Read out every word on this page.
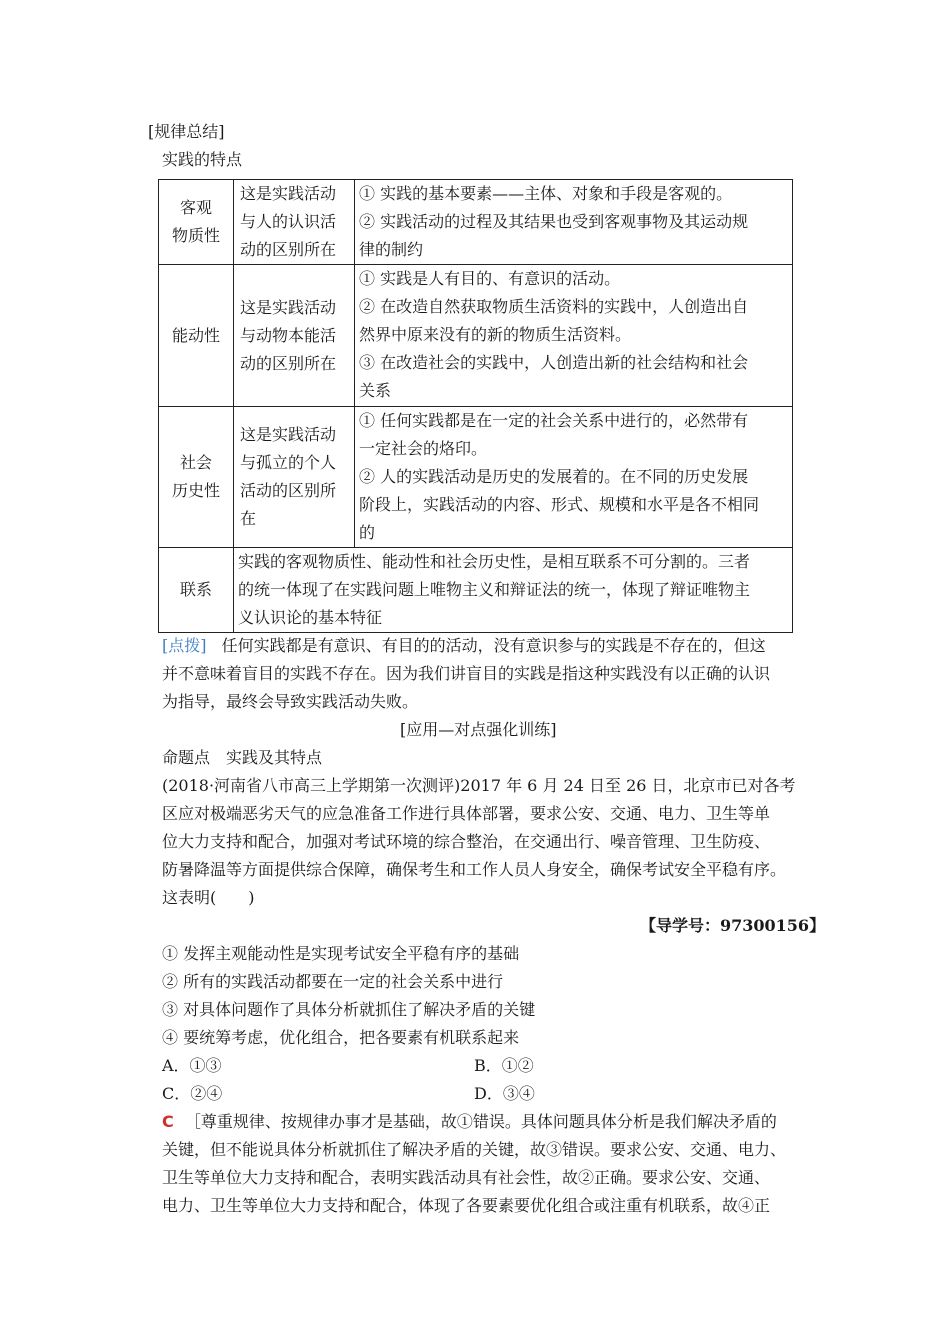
[规律总结]
实践的特点
客观
物质性	这是实践活动
与人的认识活
动的区别所在	① 实践的基本要素——主体、对象和手段是客观的。
② 实践活动的过程及其结果也受到客观事物及其运动规
律的制约

能动性	这是实践活动
与动物本能活
动的区别所在	① 实践是人有目的、有意识的活动。
② 在改造自然获取物质生活资料的实践中，人创造出自
然界中原来没有的新的物质生活资料。
③ 在改造社会的实践中，人创造出新的社会结构和社会
关系

社会
历史性	这是实践活动
与孤立的个人
活动的区别所
在	① 任何实践都是在一定的社会关系中进行的，必然带有
一定社会的烙印。
② 人的实践活动是历史的发展着的。在不同的历史发展
阶段上，实践活动的内容、形式、规模和水平是各不相同
的

联系	实践的客观物质性、能动性和社会历史性，是相互联系不可分割的。三者
的统一体现了在实践问题上唯物主义和辩证法的统一，体现了辩证唯物主
义认识论的基本特征	
[点拨] 任何实践都是有意识、有目的的活动，没有意识参与的实践是不存在的，但这
并不意味着盲目的实践不存在。因为我们讲盲目的实践是指这种实践没有以正确的认识
为指导，最终会导致实践活动失败。
[应用—对点强化训练]
命题点　实践及其特点
(2018·河南省八市高三上学期第一次测评)2017 年 6 月 24 日至 26 日，北京市已对各考
区应对极端恶劣天气的应急准备工作进行具体部署，要求公安、交通、电力、卫生等单
位大力支持和配合，加强对考试环境的综合整治，在交通出行、噪音管理、卫生防疫、
防暑降温等方面提供综合保障，确保考生和工作人员人身安全，确保考试安全平稳有序。
这表明(　　)
【导学号：97300156】
① 发挥主观能动性是实现考试安全平稳有序的基础
② 所有的实践活动都要在一定的社会关系中进行
③ 对具体问题作了具体分析就抓住了解决矛盾的关键
④ 要统筹考虑，优化组合，把各要素有机联系起来
A．①③	B．①②
C．②④	D．③④
C ［尊重规律、按规律办事才是基础，故①错误。具体问题具体分析是我们解决矛盾的
关键，但不能说具体分析就抓住了解决矛盾的关键，故③错误。要求公安、交通、电力、
卫生等单位大力支持和配合，表明实践活动具有社会性，故②正确。要求公安、交通、
电力、卫生等单位大力支持和配合，体现了各要素要优化组合或注重有机联系，故④正
